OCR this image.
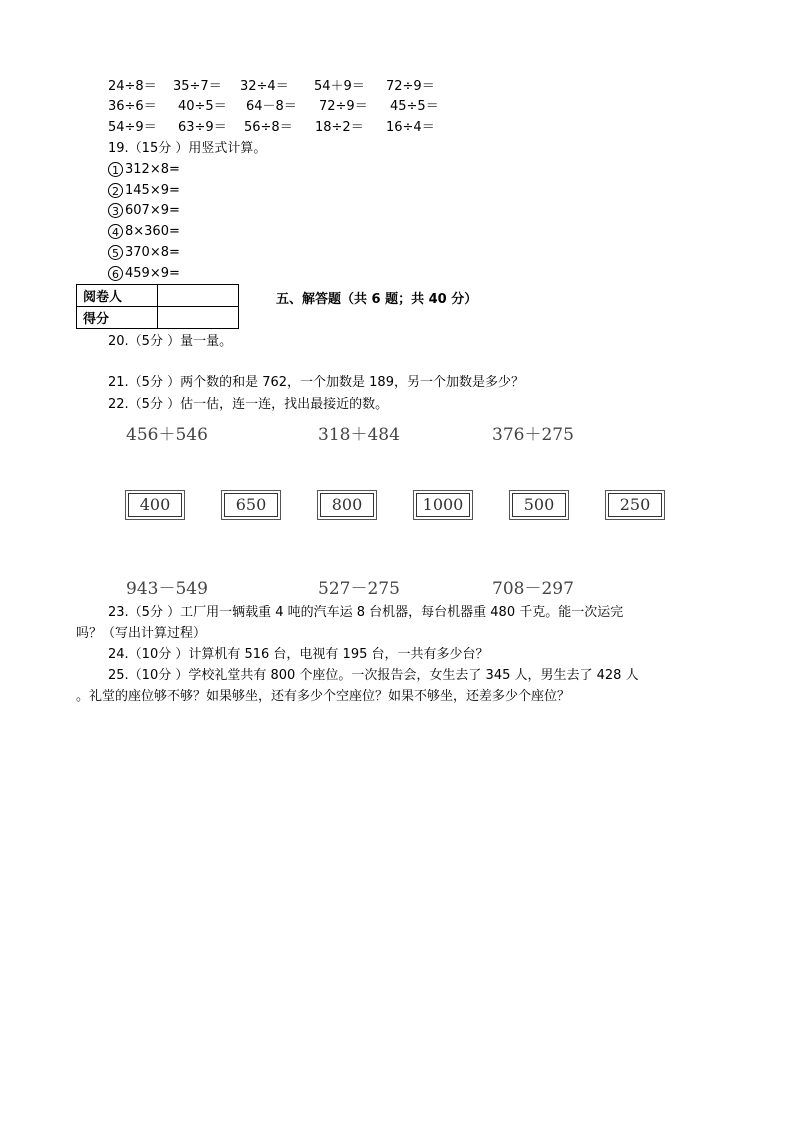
24÷8＝ 35÷7＝ 32÷4＝ 54＋9＝ 72÷9＝
36÷6＝ 40÷5＝ 64－8＝ 72÷9＝ 45÷5＝
54÷9＝ 63÷9＝ 56÷8＝ 18÷2＝ 16÷4＝
19.（15分 ）用竖式计算。
1 312×8=
2 145×9=
3 607×9=
4 8×360=
5 370×8=
6 459×9=
阅卷人	
得分	
五、解答题（共 6 题；共 40 分）
20.（5分 ）量一量。
21.（5分 ）两个数的和是 762，一个加数是 189，另一个加数是多少？
22.（5分 ）估一估，连一连，找出最接近的数。
456＋546	318＋484	376＋275
400	650	800	1000	500	250
943－549	527－275	708－297
23.（5分 ）工厂用一辆载重 4 吨的汽车运 8 台机器，每台机器重 480 千克。能一次运完
吗？（写出计算过程）
24.（10分 ）计算机有 516 台，电视有 195 台，一共有多少台？
25.（10分 ）学校礼堂共有 800 个座位。一次报告会，女生去了 345 人，男生去了 428 人
。礼堂的座位够不够？如果够坐，还有多少个空座位？如果不够坐，还差多少个座位？
